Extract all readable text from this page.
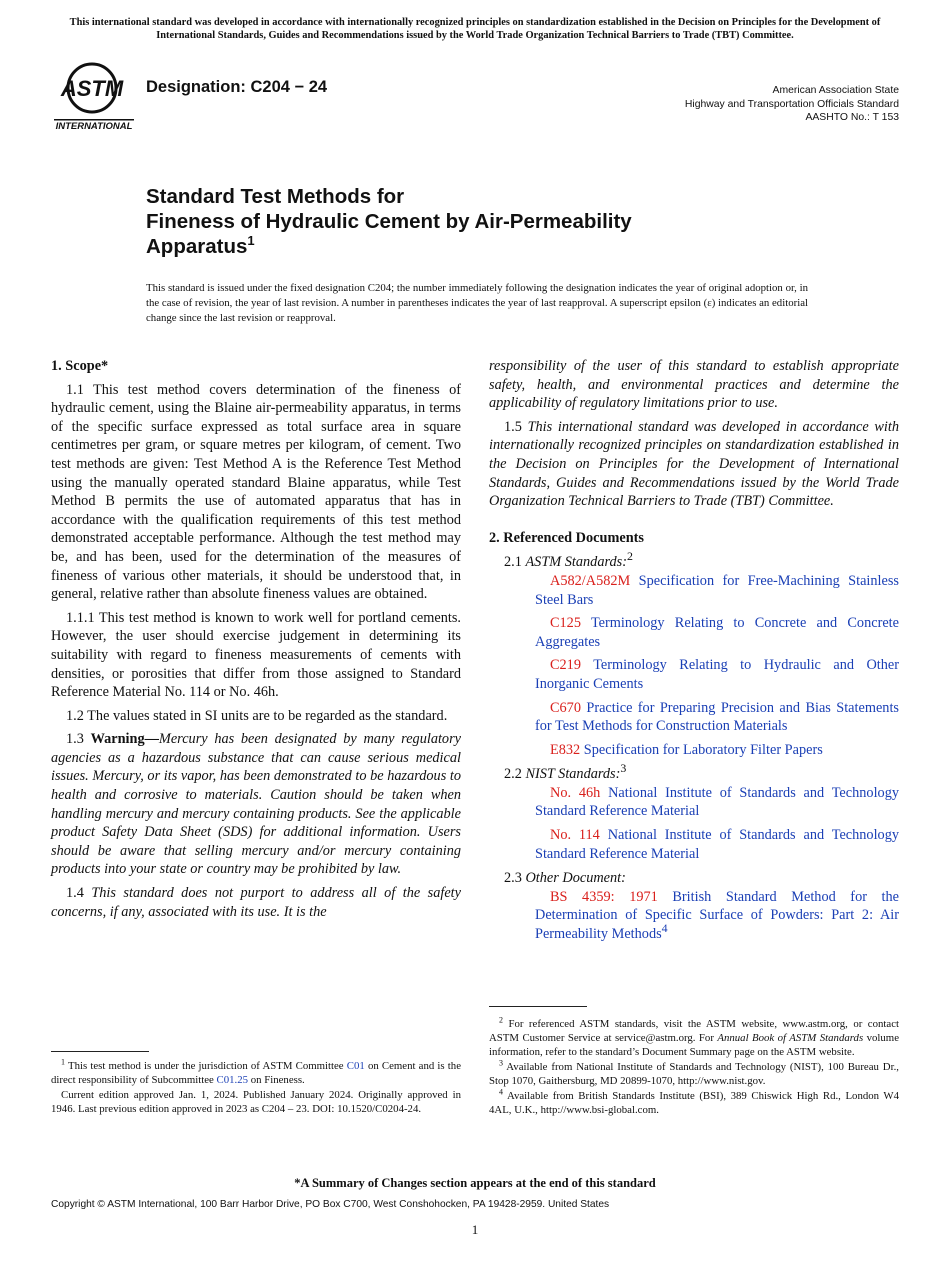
This international standard was developed in accordance with internationally recognized principles on standardization established in the Decision on Principles for the Development of International Standards, Guides and Recommendations issued by the World Trade Organization Technical Barriers to Trade (TBT) Committee.
ASTM
INTERNATIONAL
Designation: C204 − 24	American Association State
Highway and Transportation Officials Standard
AASHTO No.: T 153
Standard Test Methods for
Fineness of Hydraulic Cement by Air-Permeability
Apparatus$^1$
This standard is issued under the fixed designation C204; the number immediately following the designation indicates the year of original adoption or, in the case of revision, the year of last revision. A number in parentheses indicates the year of last reapproval. A superscript epsilon (ε) indicates an editorial change since the last revision or reapproval.
1. Scope*

1.1 This test method covers determination of the fineness of hydraulic cement, using the Blaine air-permeability apparatus, in terms of the specific surface expressed as total surface area in square centimetres per gram, or square metres per kilogram, of cement. Two test methods are given: Test Method A is the Reference Test Method using the manually operated standard Blaine apparatus, while Test Method B permits the use of automated apparatus that has in accordance with the qualification requirements of this test method demonstrated acceptable performance. Although the test method may be, and has been, used for the determination of the measures of fineness of various other materials, it should be understood that, in general, relative rather than absolute fineness values are obtained.

1.1.1 This test method is known to work well for portland cements. However, the user should exercise judgement in determining its suitability with regard to fineness measurements of cements with densities, or porosities that differ from those assigned to Standard Reference Material No. 114 or No. 46h.

1.2 The values stated in SI units are to be regarded as the standard.

1.3 Warning—Mercury has been designated by many regulatory agencies as a hazardous substance that can cause serious medical issues. Mercury, or its vapor, has been demonstrated to be hazardous to health and corrosive to materials. Caution should be taken when handling mercury and mercury containing products. See the applicable product Safety Data Sheet (SDS) for additional information. Users should be aware that selling mercury and/or mercury containing products into your state or country may be prohibited by law.

1.4 This standard does not purport to address all of the safety concerns, if any, associated with its use. It is the

responsibility of the user of this standard to establish appropriate safety, health, and environmental practices and determine the applicability of regulatory limitations prior to use.

1.5 This international standard was developed in accordance with internationally recognized principles on standardization established in the Decision on Principles for the Development of International Standards, Guides and Recommendations issued by the World Trade Organization Technical Barriers to Trade (TBT) Committee.

2. Referenced Documents
2.1 ASTM Standards:$^2$

A582/A582M Specification for Free-Machining Stainless Steel Bars

C125 Terminology Relating to Concrete and Concrete Aggregates

C219 Terminology Relating to Hydraulic and Other Inorganic Cements

C670 Practice for Preparing Precision and Bias Statements for Test Methods for Construction Materials

E832 Specification for Laboratory Filter Papers

2.2 NIST Standards:$^3$

No. 46h National Institute of Standards and Technology Standard Reference Material

No. 114 National Institute of Standards and Technology Standard Reference Material

2.3 Other Document:

BS 4359: 1971 British Standard Method for the Determination of Specific Surface of Powders: Part 2: Air Permeability Methods$^4$

$^1$ This test method is under the jurisdiction of ASTM Committee C01 on Cement and is the direct responsibility of Subcommittee C01.25 on Fineness.

Current edition approved Jan. 1, 2024. Published January 2024. Originally approved in 1946. Last previous edition approved in 2023 as C204 – 23. DOI: 10.1520/C0204-24.

$^2$ For referenced ASTM standards, visit the ASTM website, www.astm.org, or contact ASTM Customer Service at service@astm.org. For Annual Book of ASTM Standards volume information, refer to the standard’s Document Summary page on the ASTM website.

$^3$ Available from National Institute of Standards and Technology (NIST), 100 Bureau Dr., Stop 1070, Gaithersburg, MD 20899-1070, http://www.nist.gov.

$^4$ Available from British Standards Institute (BSI), 389 Chiswick High Rd., London W4 4AL, U.K., http://www.bsi-global.com.

*A Summary of Changes section appears at the end of this standard
Copyright © ASTM International, 100 Barr Harbor Drive, PO Box C700, West Conshohocken, PA 19428-2959. United States
1
